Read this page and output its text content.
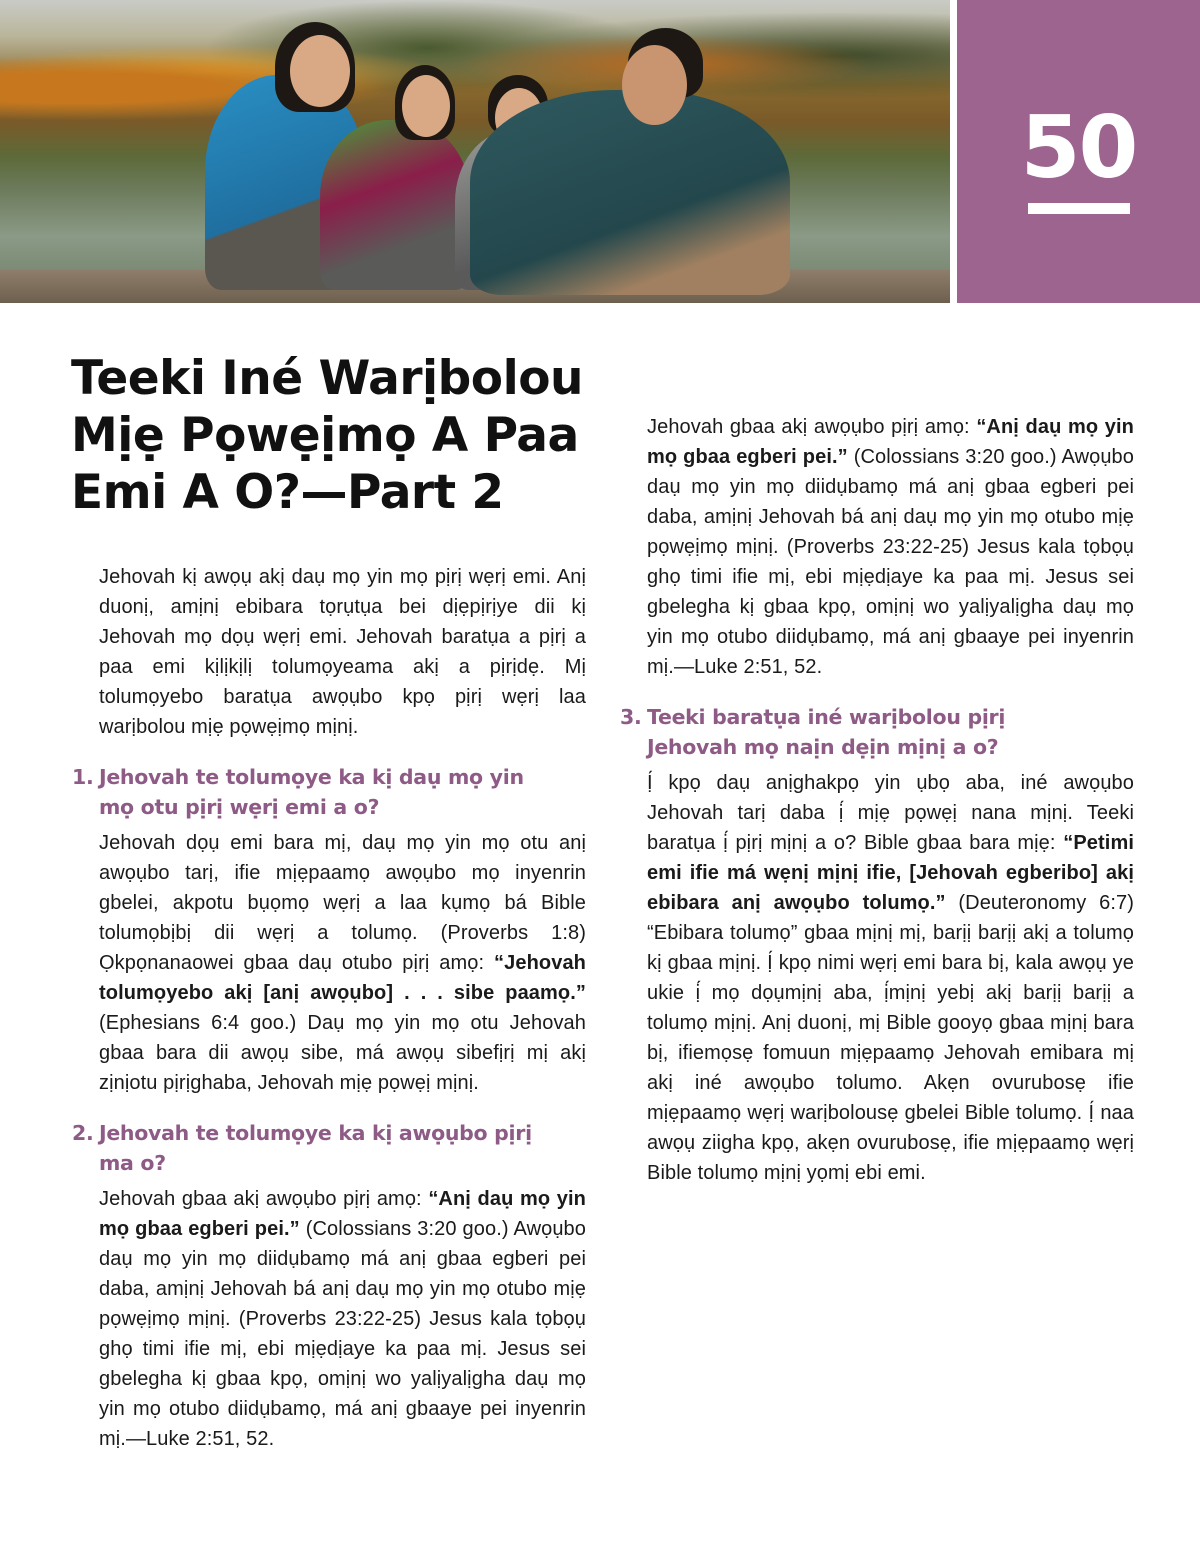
50
Teeki Iné Warịbolou Mịẹ Pọwẹịmọ A Paa Emi A O?—Part 2

Jehovah kị awọụ akị daụ mọ yin mọ pịrị wẹrị emi. Anị duonị, amịnị ebibara tọrụtụa bei dịẹpịrịye dii kị Jehovah mọ dọụ wẹrị emi. Jehovah baratụa a pịrị a paa emi kịlịkịlị tolumọyeama akị a pịrịdẹ. Mị tolumọyebo baratụa awọụbo kpọ pịrị wẹrị laa warịbolou mịẹ pọwẹịmọ mịnị.

1. Jehovah te tolumọye ka kị daụ mọ yin mọ otu pịrị wẹrị emi a o?

Jehovah dọụ emi bara mị, daụ mọ yin mọ otu anị awọụbo tarị, ifie mịẹpaamọ awọụbo mọ inyenrin gbelei, akpotu bụọmọ wẹrị a laa kụmọ bá Bible tolumọbịbị dii wẹrị a tolumọ. (Proverbs 1:8) Ọkpọnanaowei gbaa daụ otubo pịrị amọ: “Jehovah tolumọyebo akị [anị awọụbo] . . . sibe paamọ.” (Ephesians 6:4 goo.) Daụ mọ yin mọ otu Jehovah gbaa bara dii awọụ sibe, má awọụ sibefịrị mị akị zịnịotu pịrịghaba, Jehovah mịẹ pọwẹị mịnị.

2. Jehovah te tolumọye ka kị awọụbo pịrị ma o?

Jehovah gbaa akị awọụbo pịrị amọ: “Anị daụ mọ yin mọ gbaa egberi pei.” (Colossians 3:20 goo.) Awọụbo daụ mọ yin mọ diidụbamọ má anị gbaa egberi pei daba, amịnị Jehovah bá anị daụ mọ yin mọ otubo mịẹ pọwẹịmọ mịnị. (Proverbs 23:22-25) Jesus kala tọbọụ ghọ timi ifie mị, ebi mịẹdịaye ka paa mị. Jesus sei gbelegha kị gbaa kpọ, omịnị wo yalịyalịgha daụ mọ yin mọ otubo diidụbamọ, má anị gbaaye pei inyenrin mị.—Luke 2:51, 52.

Jehovah gbaa akị awọụbo pịrị amọ: “Anị daụ mọ yin mọ gbaa egberi pei.” (Colossians 3:20 goo.) Awọụbo daụ mọ yin mọ diidụbamọ má anị gbaa egberi pei daba, amịnị Jehovah bá anị daụ mọ yin mọ otubo mịẹ pọwẹịmọ mịnị. (Proverbs 23:22-25) Jesus kala tọbọụ ghọ timi ifie mị, ebi mịẹdịaye ka paa mị. Jesus sei gbelegha kị gbaa kpọ, omịnị wo yalịyalịgha daụ mọ yin mọ otubo diidụbamọ, má anị gbaaye pei inyenrin mị.—Luke 2:51, 52.

3. Teeki baratụa iné warịbolou pịrị Jehovah mọ naịn dẹịn mịnị a o?

Ị́ kpọ daụ anịghakpọ yin ụbọ aba, iné awọụbo Jehovah tarị daba ị́ mịẹ pọwẹị nana mịnị. Teeki baratụa ị́ pịrị mịnị a o? Bible gbaa bara mịẹ: “Petimi emi ifie má wẹnị mịnị ifie, [Jehovah egberibo] akị ebibara anị awọụbo tolumọ.” (Deuteronomy 6:7) “Ebibara tolumọ” gbaa mịnị mị, barịị barịị akị a tolumọ kị gbaa mịnị. Ị́ kpọ nimi wẹrị emi bara bị, kala awọụ ye ukie ị́ mọ dọụmịnị aba, ị́mịnị yebị akị barịị barịị a tolumọ mịnị. Anị duonị, mị Bible gooyọ gbaa mịnị bara bị, ifiemọsẹ fomuun mịẹpaamọ Jehovah emibara mị akị iné awọụbo tolumo. Akẹn ovurubosẹ ifie mịẹpaamọ wẹrị warịbolousẹ gbelei Bible tolumọ. Ị́ naa awọụ ziigha kpọ, akẹn ovurubosẹ, ifie mịẹpaamọ wẹrị Bible tolumọ mịnị yọmị ebi emi.
